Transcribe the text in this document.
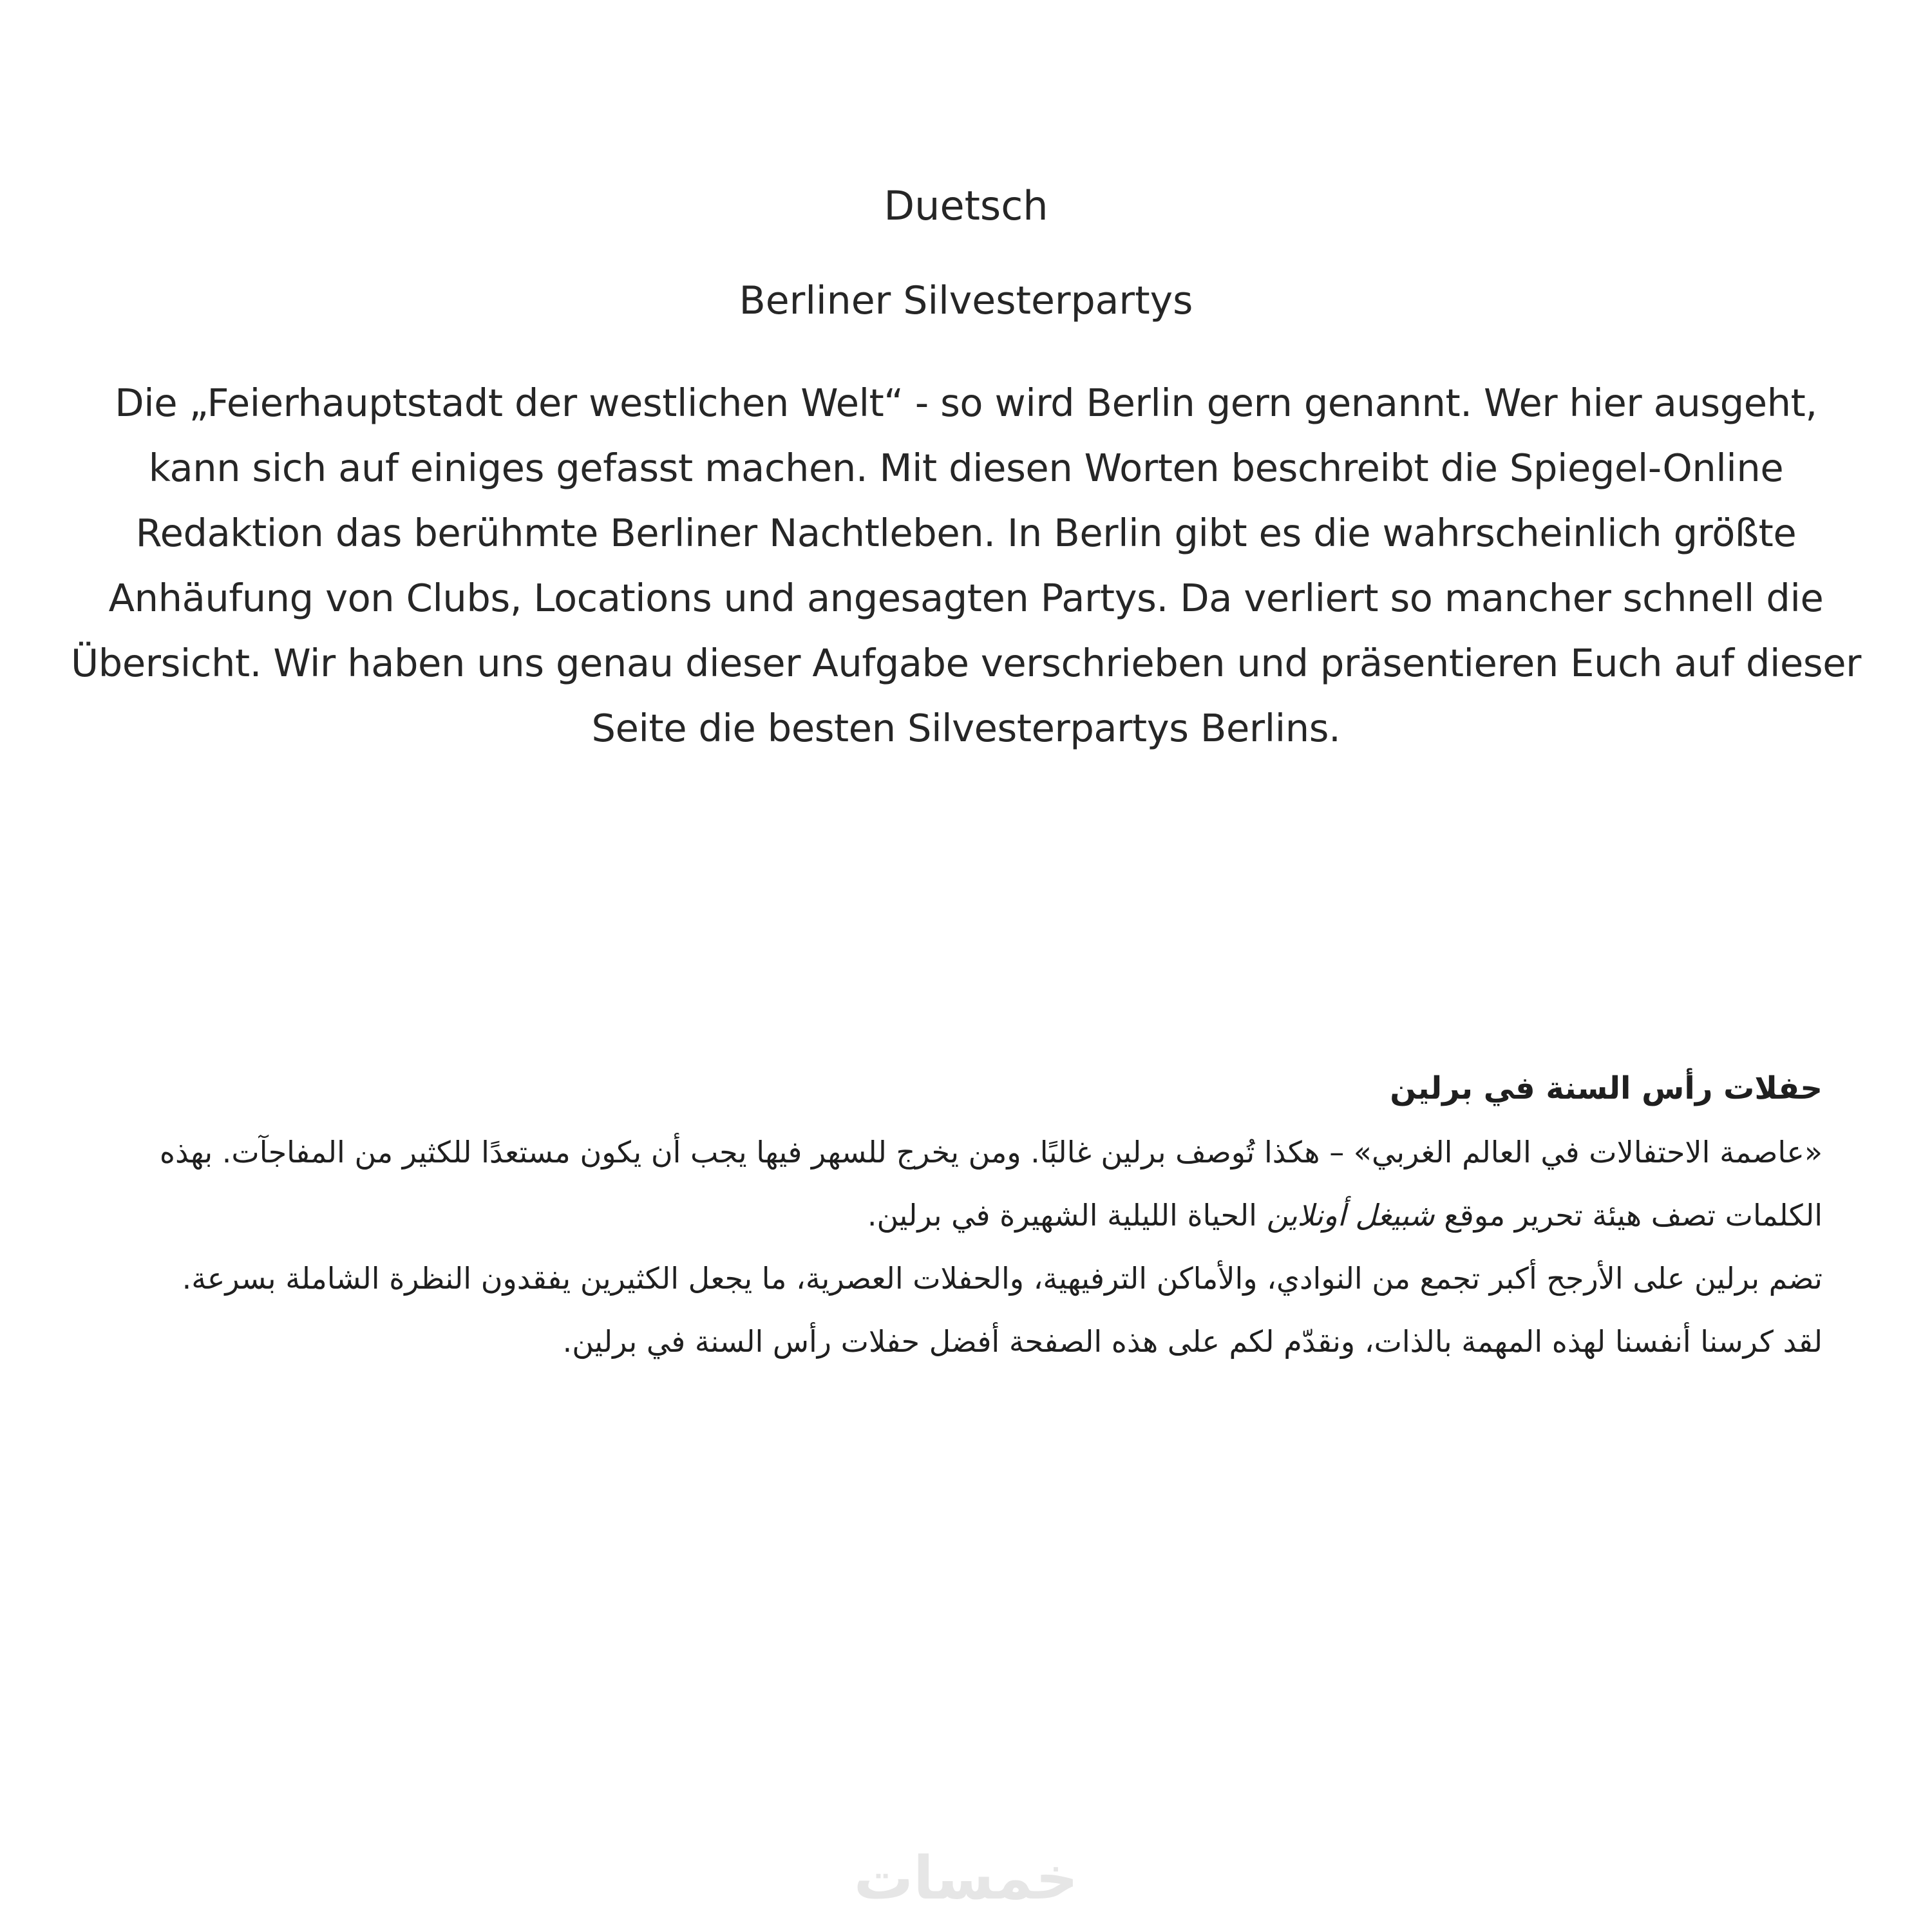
Duetsch
Berliner Silvesterpartys

Die „Feierhauptstadt der westlichen Welt“ - so wird Berlin gern genannt. Wer hier ausgeht, kann sich auf einiges gefasst machen. Mit diesen Worten beschreibt die Spiegel-Online Redaktion das berühmte Berliner Nachtleben. In Berlin gibt es die wahrscheinlich größte Anhäufung von Clubs, Locations und angesagten Partys. Da verliert so mancher schnell die Übersicht. Wir haben uns genau dieser Aufgabe verschrieben und präsentieren Euch auf dieser Seite die besten Silvesterpartys Berlins.

حفلات رأس السنة في برلين

«عاصمة الاحتفالات في العالم الغربي» – هكذا تُوصف برلين غالبًا. ومن يخرج للسهر فيها يجب أن يكون مستعدًا للكثير من المفاجآت. بهذه الكلمات تصف هيئة تحرير موقع شبيغل أونلاين الحياة الليلية الشهيرة في برلين.

تضم برلين على الأرجح أكبر تجمع من النوادي، والأماكن الترفيهية، والحفلات العصرية، ما يجعل الكثيرين يفقدون النظرة الشاملة بسرعة.

لقد كرسنا أنفسنا لهذه المهمة بالذات، ونقدّم لكم على هذه الصفحة أفضل حفلات رأس السنة في برلين.

خمسات
